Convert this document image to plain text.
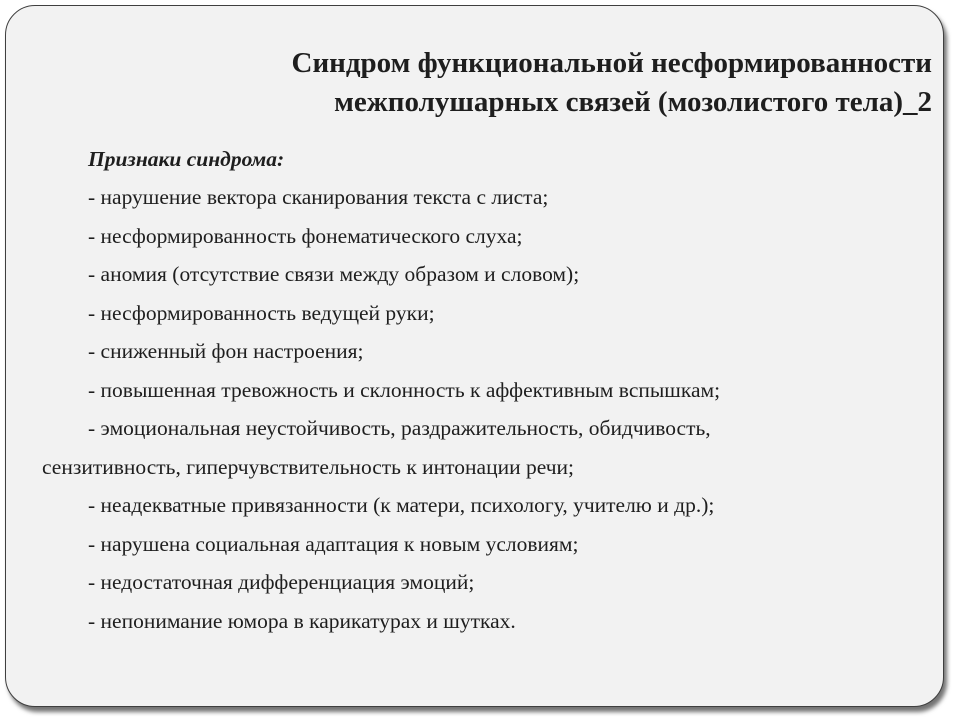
Синдром функциональной несформированности
межполушарных связей (мозолистого тела)_2

Признаки синдрома:

- нарушение вектора сканирования текста с листа;
- несформированность фонематического слуха;
- аномия (отсутствие связи между образом и словом);
- несформированность ведущей руки;
- сниженный фон настроения;
- повышенная тревожность и склонность к аффективным вспышкам;
- эмоциональная неустойчивость, раздражительность, обидчивость,
сензитивность, гиперчувствительность к интонации речи;
- неадекватные привязанности (к матери, психологу, учителю и др.);
- нарушена социальная адаптация к новым условиям;
- недостаточная дифференциация эмоций;
- непонимание юмора в карикатурах и шутках.
